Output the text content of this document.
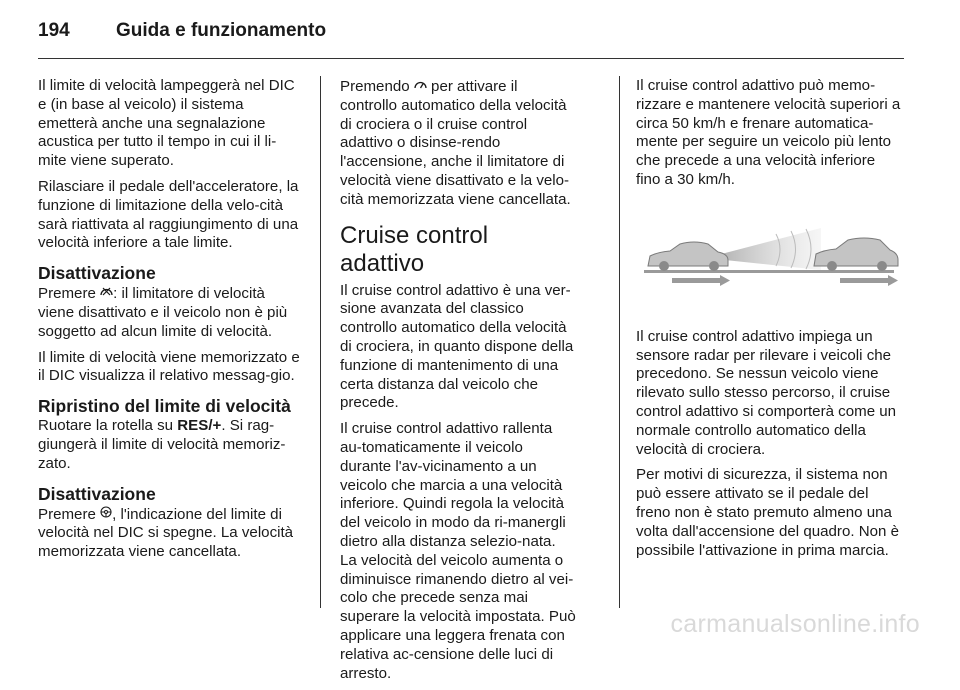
194 Guida e funzionamento

Il limite di velocità lampeggerà nel DIC e (in base al veicolo) il sistema emetterà anche una segnalazione acustica per tutto il tempo in cui il li-mite viene superato.

Rilasciare il pedale dell'acceleratore, la funzione di limitazione della velo-cità sarà riattivata al raggiungimento di una velocità inferiore a tale limite.

Disattivazione

Premere : il limitatore di velocità viene disattivato e il veicolo non è più soggetto ad alcun limite di velocità.

Il limite di velocità viene memorizzato e il DIC visualizza il relativo messag-gio.

Ripristino del limite di velocità

Ruotare la rotella su RES/+. Si rag-giungerà il limite di velocità memoriz-zato.

Disattivazione

Premere , l'indicazione del limite di velocità nel DIC si spegne. La velocità memorizzata viene cancellata.

Premendo per attivare il controllo automatico della velocità di crociera o il cruise control adattivo o disinse-rendo l'accensione, anche il limitatore di velocità viene disattivato e la velo-cità memorizzata viene cancellata.

Cruise control adattivo

Il cruise control adattivo è una ver-sione avanzata del classico controllo automatico della velocità di crociera, in quanto dispone della funzione di mantenimento di una certa distanza dal veicolo che precede.

Il cruise control adattivo rallenta au-tomaticamente il veicolo durante l'av-vicinamento a un veicolo che marcia a una velocità inferiore. Quindi regola la velocità del veicolo in modo da ri-manergli dietro alla distanza selezio-nata. La velocità del veicolo aumenta o diminuisce rimanendo dietro al vei-colo che precede senza mai superare la velocità impostata. Può applicare una leggera frenata con relativa ac-censione delle luci di arresto.

Il cruise control adattivo può memo-rizzare e mantenere velocità superiori a circa 50 km/h e frenare automatica-mente per seguire un veicolo più lento che precede a una velocità inferiore fino a 30 km/h.

Il cruise control adattivo impiega un sensore radar per rilevare i veicoli che precedono. Se nessun veicolo viene rilevato sullo stesso percorso, il cruise control adattivo si comporterà come un normale controllo automatico della velocità di crociera.

Per motivi di sicurezza, il sistema non può essere attivato se il pedale del freno non è stato premuto almeno una volta dall'accensione del quadro. Non è possibile l'attivazione in prima marcia.

carmanualsonline.info
